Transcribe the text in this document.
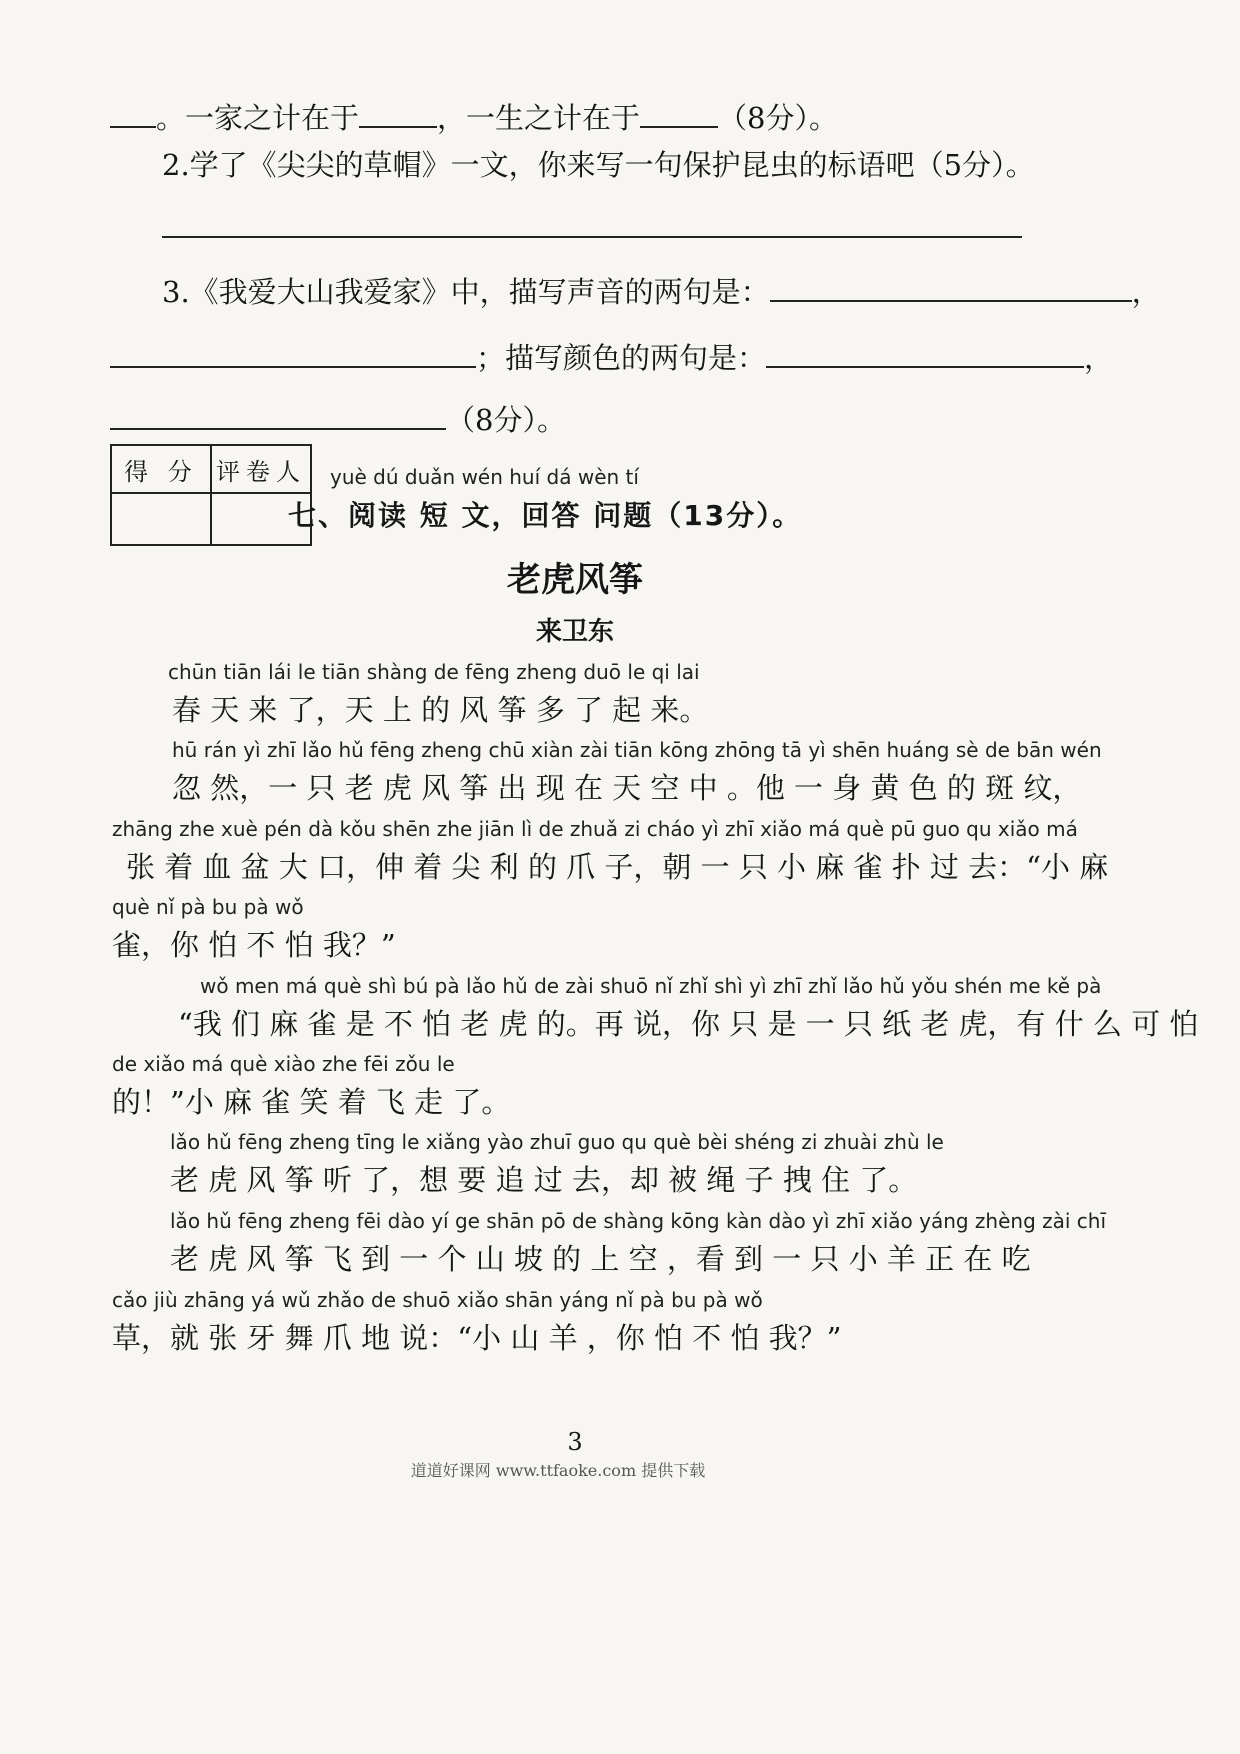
。一家之计在于	，一生之计在于	（8分）。
2.学了《尖尖的草帽》一文，你来写一句保护昆虫的标语吧（5分）。
3.《我爱大山我爱家》中，描写声音的两句是：	，
；描写颜色的两句是：	，
（8分）。
得 分	评卷人
	yuè dú duǎn wén huí dá wèn tí
七、阅读 短 文，回答 问题（13分）。
老虎风筝
来卫东
chūn tiān lái le tiān shàng de fēng zheng duō le qi lai
春 天 来 了，天 上 的 风 筝 多 了 起 来。
hū rán yì zhī lǎo hǔ fēng zheng chū xiàn zài tiān kōng zhōng tā yì shēn huáng sè de bān wén
忽 然，一 只 老 虎 风 筝 出 现 在 天 空 中 。他 一 身 黄 色 的 斑 纹，
zhāng zhe xuè pén dà kǒu shēn zhe jiān lì de zhuǎ zi cháo yì zhī xiǎo má què pū guo qu xiǎo má
张 着 血 盆 大 口，伸 着 尖 利 的 爪 子，朝 一 只 小 麻 雀 扑 过 去：“小 麻
què nǐ pà bu pà wǒ
雀，你 怕 不 怕 我？”
wǒ men má què shì bú pà lǎo hǔ de zài shuō nǐ zhǐ shì yì zhī zhǐ lǎo hǔ yǒu shén me kě pà
“我 们 麻 雀 是 不 怕 老 虎 的。再 说，你 只 是 一 只 纸 老 虎，有 什 么 可 怕
de xiǎo má què xiào zhe fēi zǒu le
的！”小 麻 雀 笑 着 飞 走 了。
lǎo hǔ fēng zheng tīng le xiǎng yào zhuī guo qu què bèi shéng zi zhuài zhù le
老 虎 风 筝 听 了，想 要 追 过 去，却 被 绳 子 拽 住 了。
lǎo hǔ fēng zheng fēi dào yí ge shān pō de shàng kōng kàn dào yì zhī xiǎo yáng zhèng zài chī
老 虎 风 筝 飞 到 一 个 山 坡 的 上 空 ，看 到 一 只 小 羊 正 在 吃
cǎo jiù zhāng yá wǔ zhǎo de shuō xiǎo shān yáng nǐ pà bu pà wǒ
草，就 张 牙 舞 爪 地 说：“小 山 羊 ，你 怕 不 怕 我？”
3
道道好课网 www.ttfaoke.com 提供下载
